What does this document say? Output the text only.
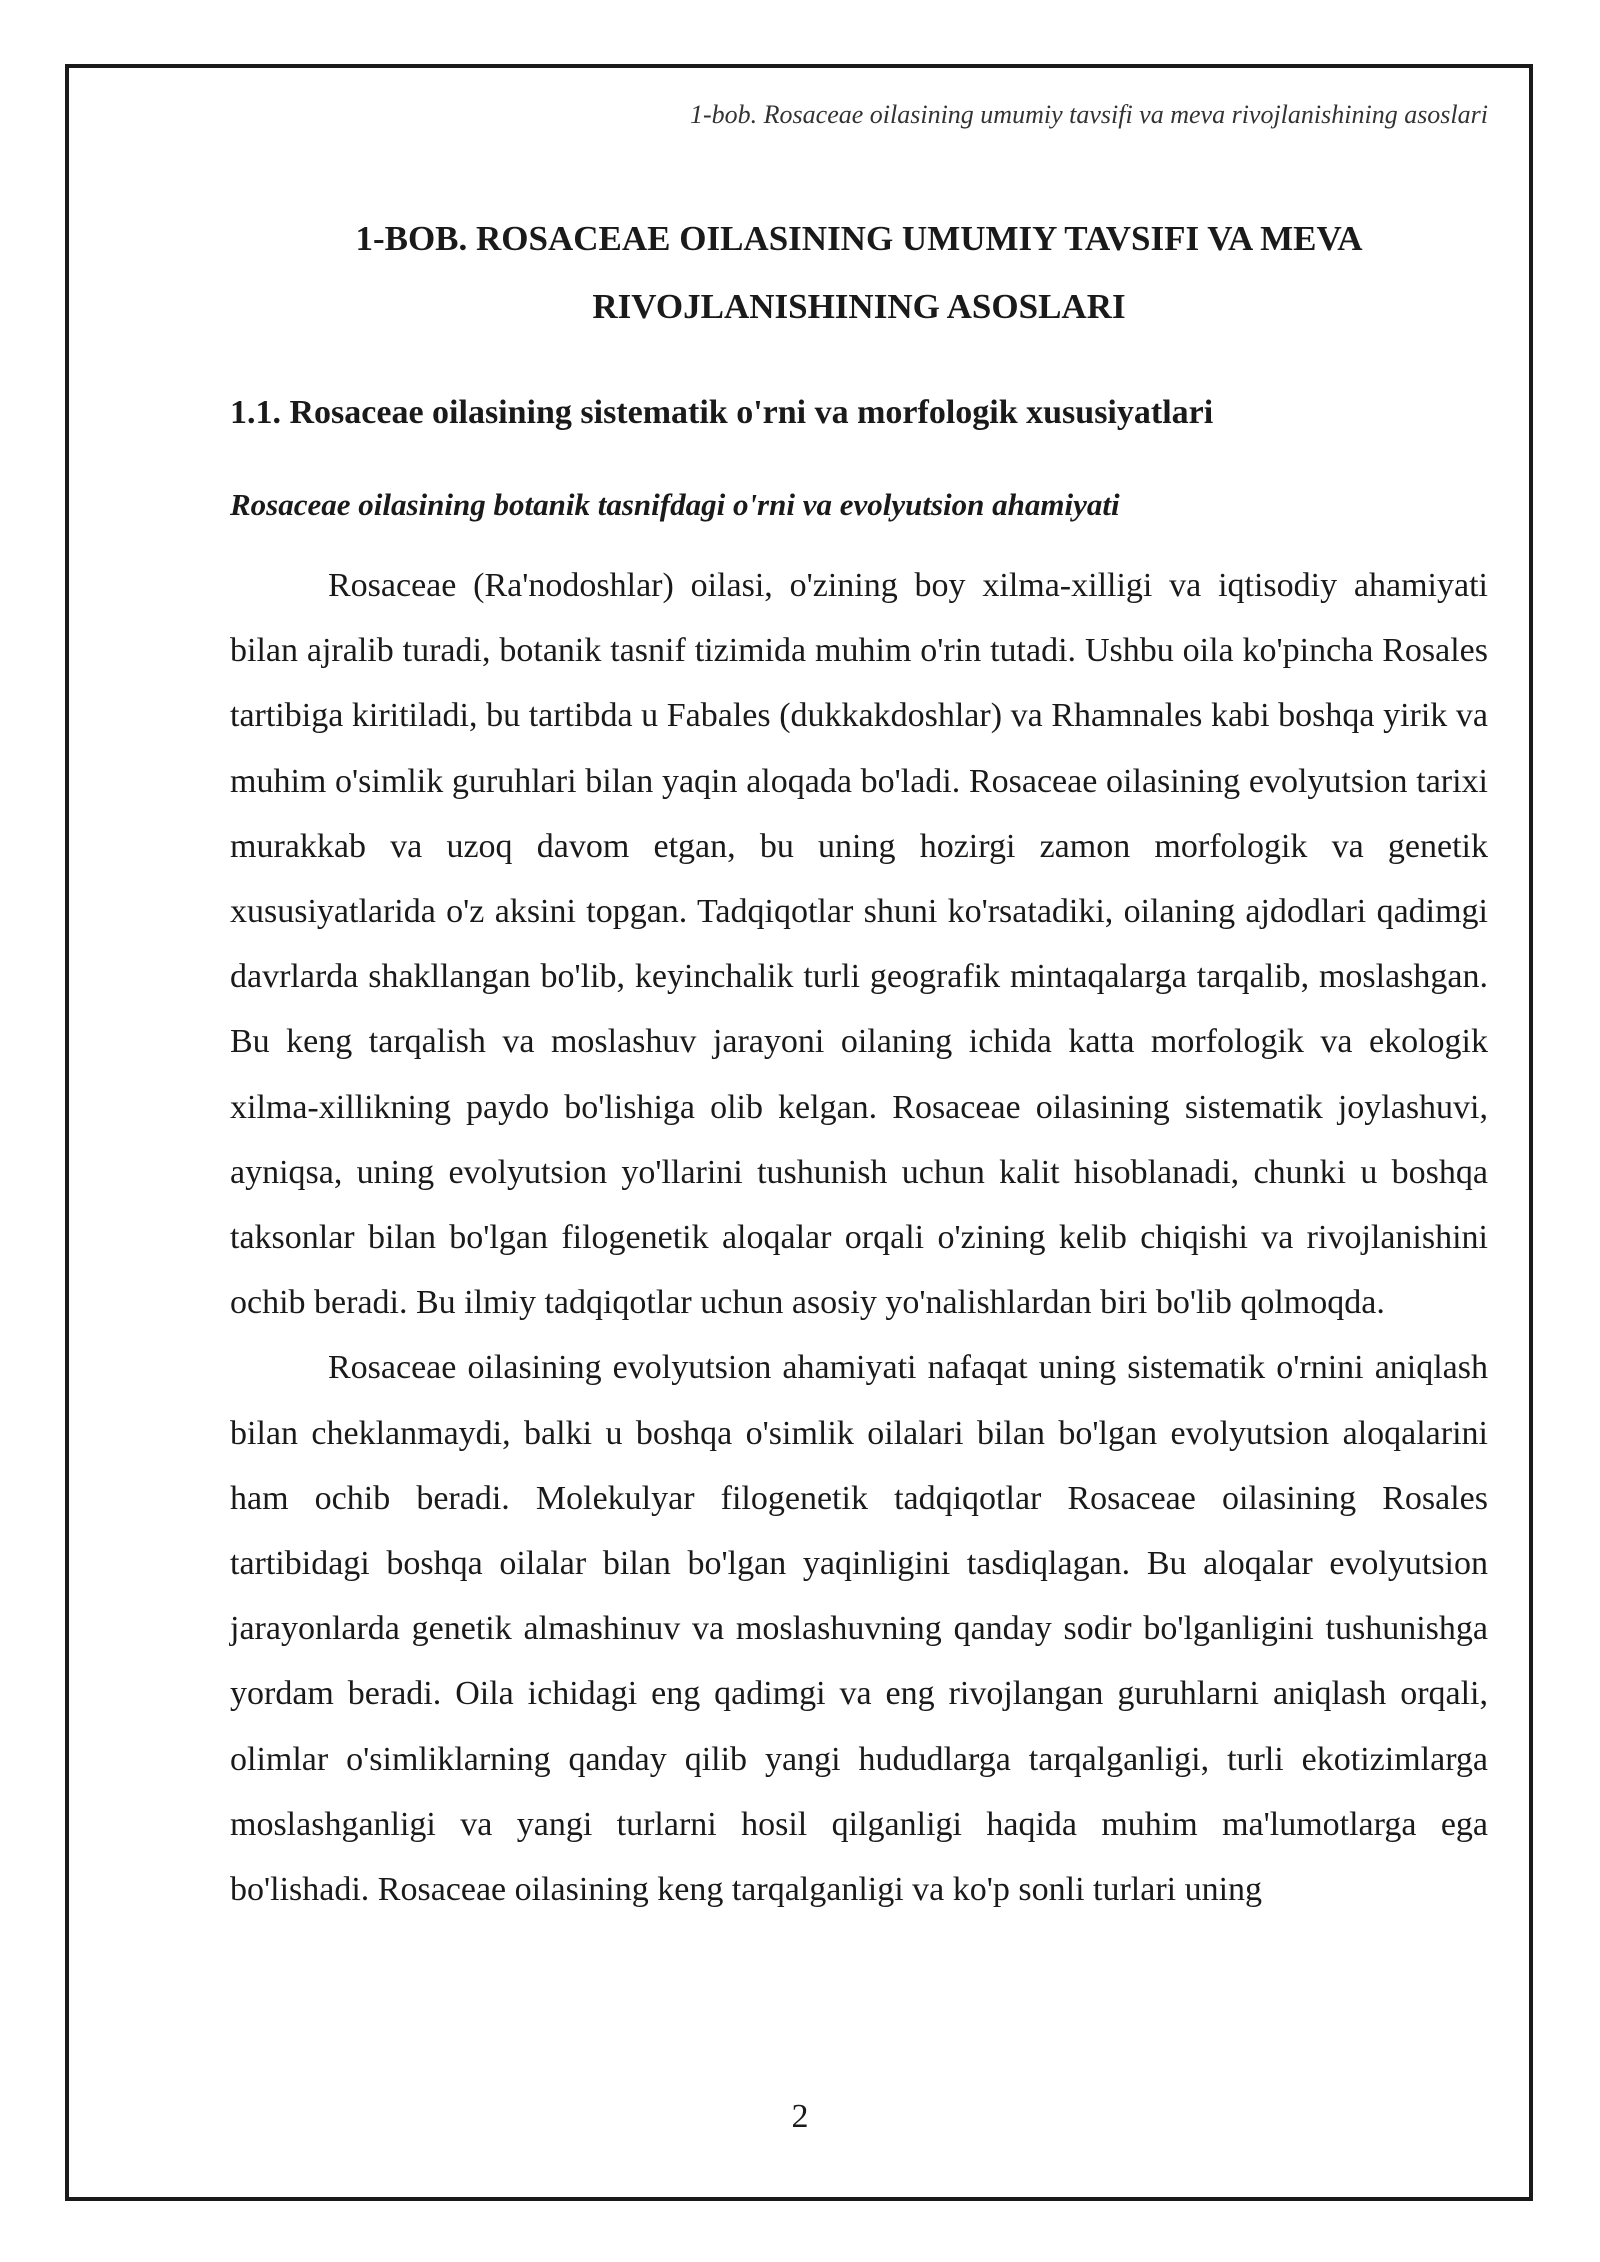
1-bob. Rosaceae oilasining umumiy tavsifi va meva rivojlanishining asoslari
1-BOB. ROSACEAE OILASINING UMUMIY TAVSIFI VA MEVA RIVOJLANISHINING ASOSLARI
1.1. Rosaceae oilasining sistematik o'rni va morfologik xususiyatlari
Rosaceae oilasining botanik tasnifdagi o'rni va evolyutsion ahamiyati

Rosaceae (Ra'nodoshlar) oilasi, o'zining boy xilma-xilligi va iqtisodiy ahamiyati bilan ajralib turadi, botanik tasnif tizimida muhim o'rin tutadi. Ushbu oila ko'pincha Rosales tartibiga kiritiladi, bu tartibda u Fabales (dukkakdoshlar) va Rhamnales kabi boshqa yirik va muhim o'simlik guruhlari bilan yaqin aloqada bo'ladi. Rosaceae oilasining evolyutsion tarixi murakkab va uzoq davom etgan, bu uning hozirgi zamon morfologik va genetik xususiyatlarida o'z aksini topgan. Tadqiqotlar shuni ko'rsatadiki, oilaning ajdodlari qadimgi davrlarda shakllangan bo'lib, keyinchalik turli geografik mintaqalarga tarqalib, moslashgan. Bu keng tarqalish va moslashuv jarayoni oilaning ichida katta morfologik va ekologik xilma-xillikning paydo bo'lishiga olib kelgan. Rosaceae oilasining sistematik joylashuvi, ayniqsa, uning evolyutsion yo'llarini tushunish uchun kalit hisoblanadi, chunki u boshqa taksonlar bilan bo'lgan filogenetik aloqalar orqali o'zining kelib chiqishi va rivojlanishini ochib beradi. Bu ilmiy tadqiqotlar uchun asosiy yo'nalishlardan biri bo'lib qolmoqda.

Rosaceae oilasining evolyutsion ahamiyati nafaqat uning sistematik o'rnini aniqlash bilan cheklanmaydi, balki u boshqa o'simlik oilalari bilan bo'lgan evolyutsion aloqalarini ham ochib beradi. Molekulyar filogenetik tadqiqotlar Rosaceae oilasining Rosales tartibidagi boshqa oilalar bilan bo'lgan yaqinligini tasdiqlagan. Bu aloqalar evolyutsion jarayonlarda genetik almashinuv va moslashuvning qanday sodir bo'lganligini tushunishga yordam beradi. Oila ichidagi eng qadimgi va eng rivojlangan guruhlarni aniqlash orqali, olimlar o'simliklarning qanday qilib yangi hududlarga tarqalganligi, turli ekotizimlarga moslashganligi va yangi turlarni hosil qilganligi haqida muhim ma'lumotlarga ega bo'lishadi. Rosaceae oilasining keng tarqalganligi va ko'p sonli turlari uning

2
